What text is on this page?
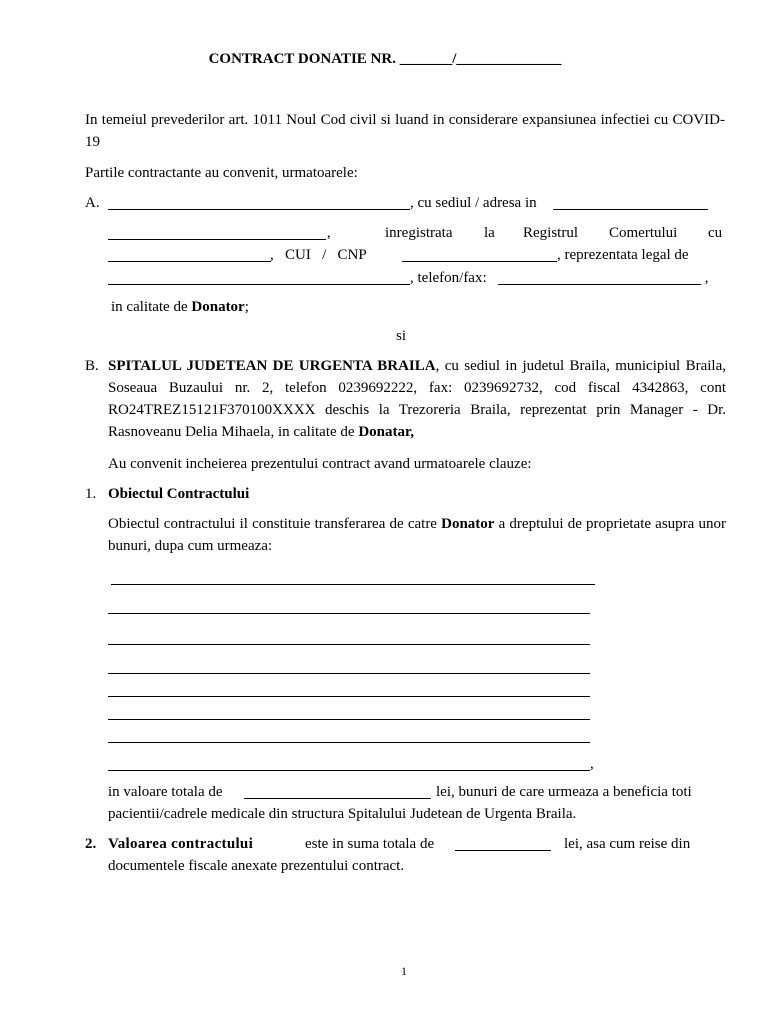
CONTRACT DONATIE NR. _______/______________
In temeiul prevederilor art. 1011 Noul Cod civil si luand in considerare expansiunea infectiei cu COVID-19
Partile contractante au convenit, urmatoarele:
A.	, cu sediul / adresa in
,	inregistrata la Registrul Comertului cu
,   CUI   /   CNP	, reprezentata legal de
, telefon/fax:	,
in calitate de Donator;
si
B. SPITALUL JUDETEAN DE URGENTA BRAILA, cu sediul in judetul Braila, municipiul Braila, Soseaua Buzaului nr. 2, telefon 0239692222, fax: 0239692732, cod fiscal 4342863, cont RO24TREZ15121F370100XXXX deschis la Trezoreria Braila, reprezentat prin Manager - Dr. Rasnoveanu Delia Mihaela, in calitate de Donatar,
Au convenit incheierea prezentului contract avand urmatoarele clauze:
1. Obiectul Contractului
Obiectul contractului il constituie transferarea de catre Donator a dreptului de proprietate asupra unor bunuri, dupa cum urmeaza:
,
in valoare totala de	lei, bunuri de care urmeaza a beneficia toti
pacientii/cadrele medicale din structura Spitalului Judetean de Urgenta Braila.
2. Valoarea contractului	este in suma totala de	lei, asa cum reise din
documentele fiscale anexate prezentului contract.
1
